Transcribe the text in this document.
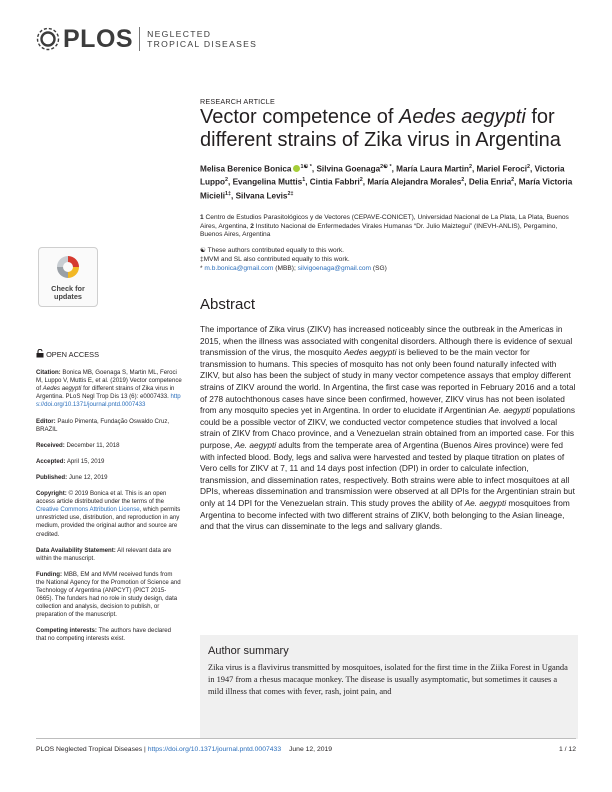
PLOS NEGLECTED
TROPICAL DISEASES
Check for
updates

OPEN ACCESS

Citation: Bonica MB, Goenaga S, Martin ML, Feroci M, Luppo V, Muttis E, et al. (2019) Vector competence of Aedes aegypti for different strains of Zika virus in Argentina. PLoS Negl Trop Dis 13 (6): e0007433. https://doi.org/10.1371/journal.pntd.0007433

Editor: Paulo Pimenta, Fundação Oswaldo Cruz, BRAZIL

Received: December 11, 2018

Accepted: April 15, 2019

Published: June 12, 2019

Copyright: © 2019 Bonica et al. This is an open access article distributed under the terms of the Creative Commons Attribution License, which permits unrestricted use, distribution, and reproduction in any medium, provided the original author and source are credited.

Data Availability Statement: All relevant data are within the manuscript.

Funding: MBB, EM and MVM received funds from the National Agency for the Promotion of Science and Technology of Argentina (ANPCYT) (PICT 2015-0665). The funders had no role in study design, data collection and analysis, decision to publish, or preparation of the manuscript.

Competing interests: The authors have declared that no competing interests exist.

RESEARCH ARTICLE
Vector competence of Aedes aegypti for different strains of Zika virus in Argentina
Melisa Berenice Bonica $^{1☯ *}$, Silvina Goenaga$^{2☯ *}$, María Laura Martin$^2$, Mariel Feroci$^2$, Victoria Luppo$^2$, Evangelina Muttis$^1$, Cintia Fabbri$^2$, María Alejandra Morales$^2$, Delia Enria$^2$, María Victoria Micieli$^{1\ddagger}$, Silvana Levis$^{2\ddagger}$
1 Centro de Estudios Parasitológicos y de Vectores (CEPAVE-CONICET), Universidad Nacional de La Plata, La Plata, Buenos Aires, Argentina, 2 Instituto Nacional de Enfermedades Virales Humanas “Dr. Julio Maiztegui” (INEVH-ANLIS), Pergamino, Buenos Aires, Argentina
☯ These authors contributed equally to this work.
‡MVM and SL also contributed equally to this work.
* m.b.bonica@gmail.com (MBB); silvigoenaga@gmail.com (SG)
Abstract
The importance of Zika virus (ZIKV) has increased noticeably since the outbreak in the Americas in 2015, when the illness was associated with congenital disorders. Although there is evidence of sexual transmission of the virus, the mosquito Aedes aegypti is believed to be the main vector for transmission to humans. This species of mosquito has not only been found naturally infected with ZIKV, but also has been the subject of study in many vector competence assays that employ different strains of ZIKV around the world. In Argentina, the first case was reported in February 2016 and a total of 278 autochthonous cases have since been confirmed, however, ZIKV virus has not been isolated from any mosquito species yet in Argentina. In order to elucidate if Argentinian Ae. aegypti populations could be a possible vector of ZIKV, we conducted vector competence studies that involved a local strain of ZIKV from Chaco province, and a Venezuelan strain obtained from an imported case. For this purpose, Ae. aegypti adults from the temperate area of Argentina (Buenos Aires province) were fed with infected blood. Body, legs and saliva were harvested and tested by plaque titration on plates of Vero cells for ZIKV at 7, 11 and 14 days post infection (DPI) in order to calculate infection, transmission, and dissemination rates, respectively. Both strains were able to infect mosquitoes at all DPIs, whereas dissemination and transmission were observed at all DPIs for the Argentinian strain but only at 14 DPI for the Venezuelan strain. This study proves the ability of Ae. aegypti mosquitoes from Argentina to become infected with two different strains of ZIKV, both belonging to the Asian lineage, and that the virus can disseminate to the legs and salivary glands.
Author summary
Zika virus is a flavivirus transmitted by mosquitoes, isolated for the first time in the Ziika Forest in Uganda in 1947 from a rhesus macaque monkey. The disease is usually asymptomatic, but sometimes it causes a mild illness that comes with fever, rash, joint pain, and
PLOS Neglected Tropical Diseases | https://doi.org/10.1371/journal.pntd.0007433 June 12, 2019	1 / 12
